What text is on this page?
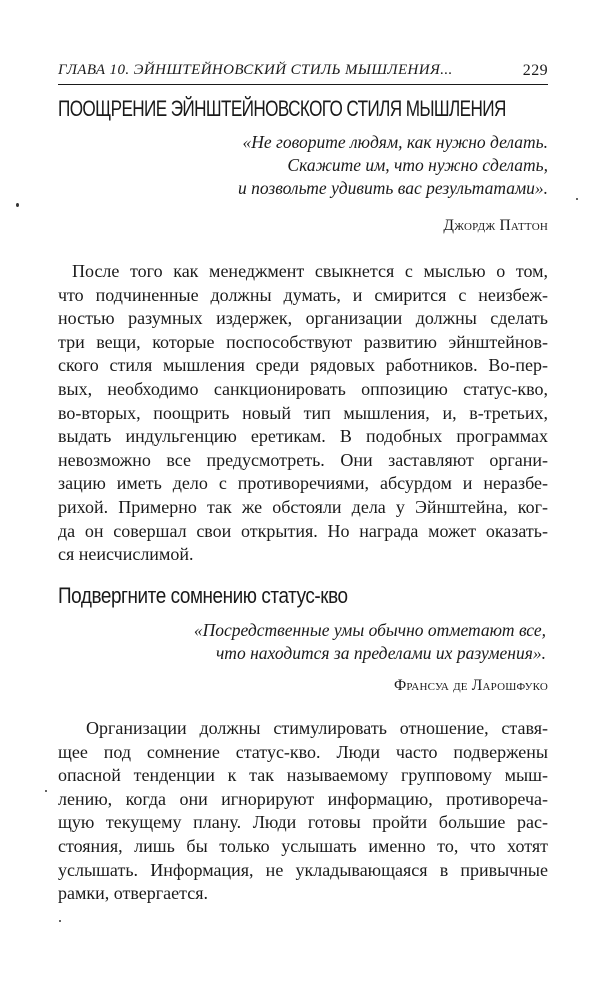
ГЛАВА 10. ЭЙНШТЕЙНОВСКИЙ СТИЛЬ МЫШЛЕНИЯ...	229
ПООЩРЕНИЕ ЭЙНШТЕЙНОВСКОГО СТИЛЯ МЫШЛЕНИЯ
«Не говорите людям, как нужно делать.
Скажите им, что нужно сделать,
и позвольте удивить вас результатами».
Джордж Паттон
После того как менеджмент свыкнется с мыслью о том,
что подчиненные должны думать, и смирится с неизбеж-
ностью разумных издержек, организации должны сделать
три вещи, которые поспособствуют развитию эйнштейнов-
ского стиля мышления среди рядовых работников. Во-пер-
вых, необходимо санкционировать оппозицию статус-кво,
во-вторых, поощрить новый тип мышления, и, в-третьих,
выдать индульгенцию еретикам. В подобных программах
невозможно все предусмотреть. Они заставляют органи-
зацию иметь дело с противоречиями, абсурдом и неразбе-
рихой. Примерно так же обстояли дела у Эйнштейна, ког-
да он совершал свои открытия. Но награда может оказать-
ся неисчислимой.
Подвергните сомнению статус-кво
«Посредственные умы обычно отметают все,
что находится за пределами их разумения».
Франсуа де Ларошфуко
Организации должны стимулировать отношение, ставя-
щее под сомнение статус-кво. Люди часто подвержены
опасной тенденции к так называемому групповому мыш-
лению, когда они игнорируют информацию, противореча-
щую текущему плану. Люди готовы пройти большие рас-
стояния, лишь бы только услышать именно то, что хотят
услышать. Информация, не укладывающаяся в привычные
рамки, отвергается.
